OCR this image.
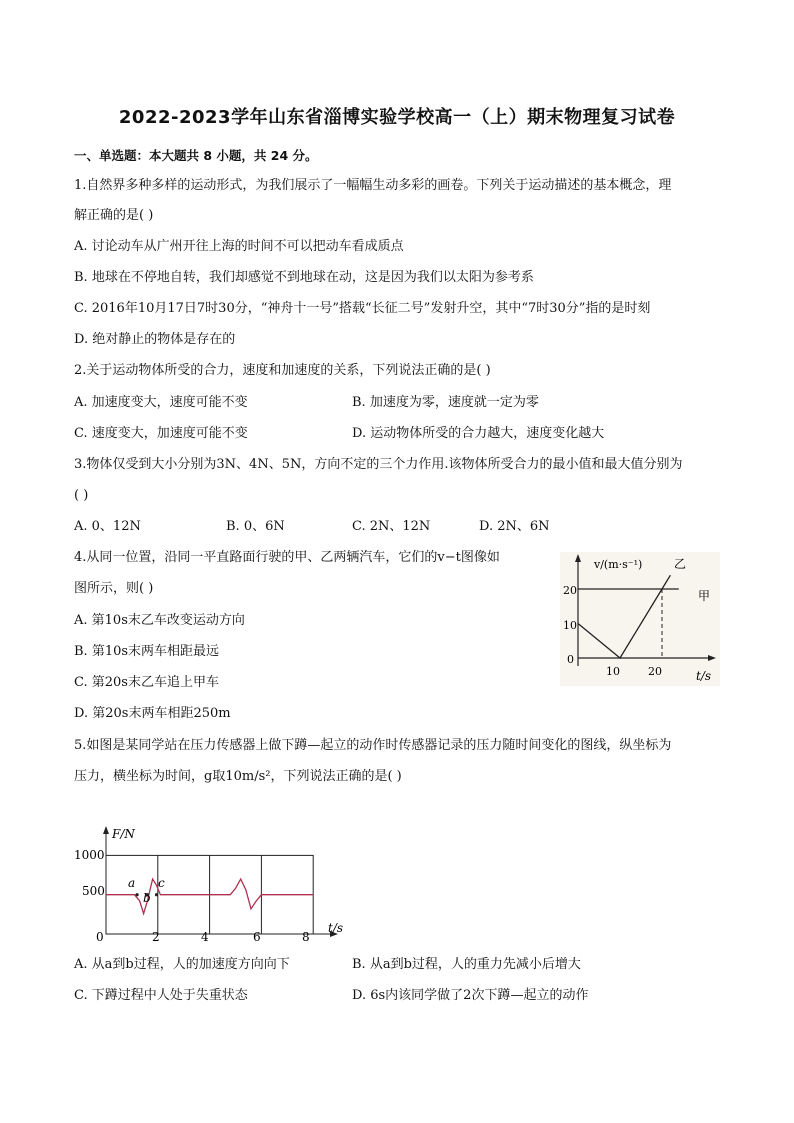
2022-2023学年山东省淄博实验学校高一（上）期末物理复习试卷
一、单选题：本大题共 8 小题，共 24 分。
1.自然界多种多样的运动形式，为我们展示了一幅幅生动多彩的画卷。下列关于运动描述的基本概念，理
解正确的是( )
A. 讨论动车从广州开往上海的时间不可以把动车看成质点
B. 地球在不停地自转，我们却感觉不到地球在动，这是因为我们以太阳为参考系
C. 2016年10月17日7时30分，“神舟十一号”搭载“长征二号”发射升空，其中“7时30分”指的是时刻
D. 绝对静止的物体是存在的
2.关于运动物体所受的合力，速度和加速度的关系，下列说法正确的是( )
A. 加速度变大，速度可能不变	B. 加速度为零，速度就一定为零
C. 速度变大，加速度可能不变	D. 运动物体所受的合力越大，速度变化越大
3.物体仅受到大小分别为3N、4N、5N，方向不定的三个力作用.该物体所受合力的最小值和最大值分别为
( )
A. 0、12N	B. 0、6N	C. 2N、12N	D. 2N、6N
4.从同一位置，沿同一平直路面行驶的甲、乙两辆汽车，它们的v−t图像如
图所示，则( )
A. 第10s末乙车改变运动方向
B. 第10s末两车相距最远
C. 第20s末乙车追上甲车
D. 第20s末两车相距250m
v/(m·s⁻¹)
t/s
甲
乙
0
10
20
10	20
5.如图是某同学站在压力传感器上做下蹲—起立的动作时传感器记录的压力随时间变化的图线，纵坐标为
压力，横坐标为时间，g取10m/s²，下列说法正确的是( )
A. 从a到b过程，人的加速度方向向下	B. 从a到b过程，人的重力先减小后增大
C. 下蹲过程中人处于失重状态	D. 6s内该同学做了2次下蹲—起立的动作
F/N
t/s
1000
500
0	2	4	6	8
a
b
c
